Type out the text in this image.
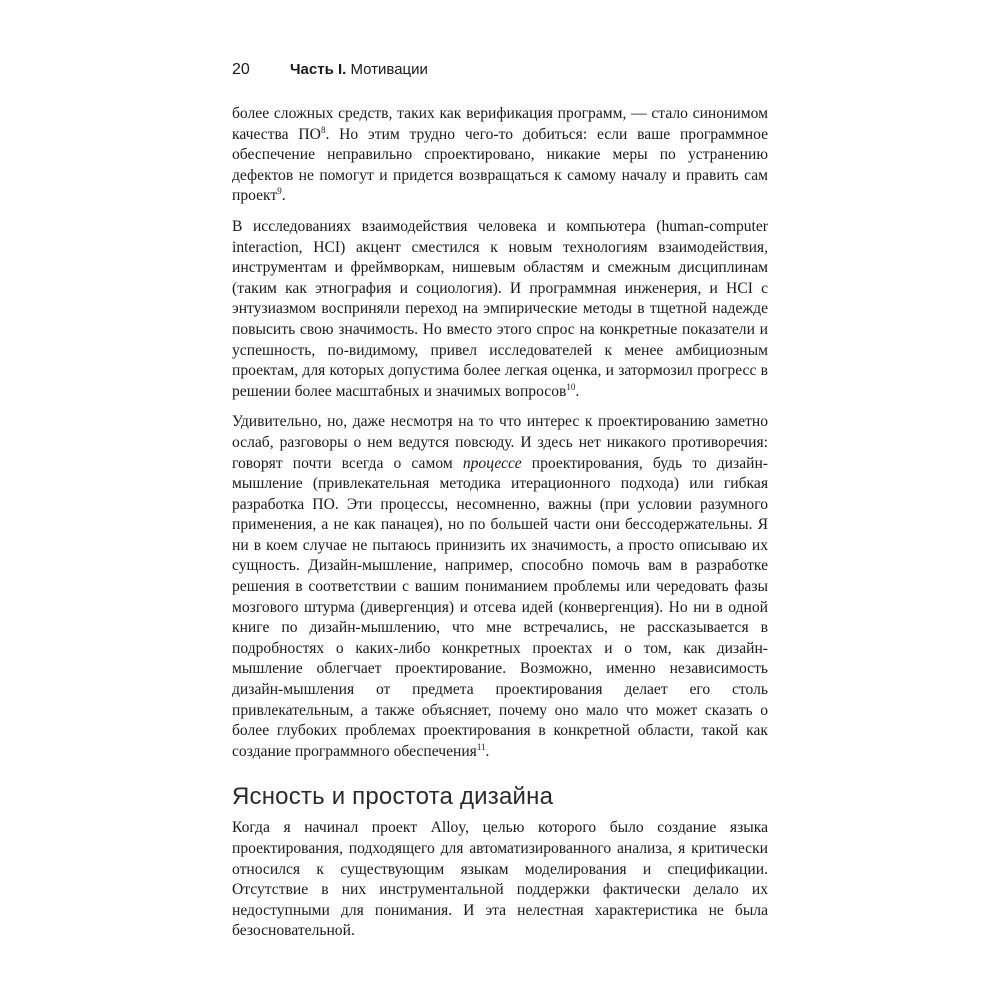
20	Часть I. Мотивации

более сложных средств, таких как верификация программ, — стало синонимом качества $ПО^8$. Но этим трудно чего-то добиться: если ваше программное обеспечение неправильно спроектировано, никакие меры по устранению дефектов не помогут и придется возвращаться к самому началу и править сам проект$^9$.

В исследованиях взаимодействия человека и компьютера (human-computer interaction, HCI) акцент сместился к новым технологиям взаимодействия, инструментам и фреймворкам, нишевым областям и смежным дисциплинам (таким как этнография и социология). И программная инженерия, и HCI с энтузиазмом восприняли переход на эмпирические методы в тщетной надежде повысить свою значимость. Но вместо этого спрос на конкретные показатели и успешность, по-видимому, привел исследователей к менее амбициозным проектам, для которых допустима более легкая оценка, и затормозил прогресс в решении более масштабных и значимых вопросов$^{10}$.

Удивительно, но, даже несмотря на то что интерес к проектированию заметно ослаб, разговоры о нем ведутся повсюду. И здесь нет никакого противоречия: говорят почти всегда о самом процессе проектирования, будь то дизайн-мышление (привлекательная методика итерационного подхода) или гибкая разработка ПО. Эти процессы, несомненно, важны (при условии разумного применения, а не как панацея), но по большей части они бессодержательны. Я ни в коем случае не пытаюсь принизить их значимость, а просто описываю их сущность. Дизайн-мышление, например, способно помочь вам в разработке решения в соответствии с вашим пониманием проблемы или чередовать фазы мозгового штурма (дивергенция) и отсева идей (конвергенция). Но ни в одной книге по дизайн-мышлению, что мне встречались, не рассказывается в подробностях о каких-либо конкретных проектах и о том, как дизайн-мышление облегчает проектирование. Возможно, именно независимость дизайн-мышления от предмета проектирования делает его столь привлекательным, а также объясняет, почему оно мало что может сказать о более глубоких проблемах проектирования в конкретной области, такой как создание программного обеспечения$^{11}$.

Ясность и простота дизайна

Когда я начинал проект Alloy, целью которого было создание языка проектирования, подходящего для автоматизированного анализа, я критически относился к существующим языкам моделирования и спецификации. Отсутствие в них инструментальной поддержки фактически делало их недоступными для понимания. И эта нелестная характеристика не была безосновательной.
